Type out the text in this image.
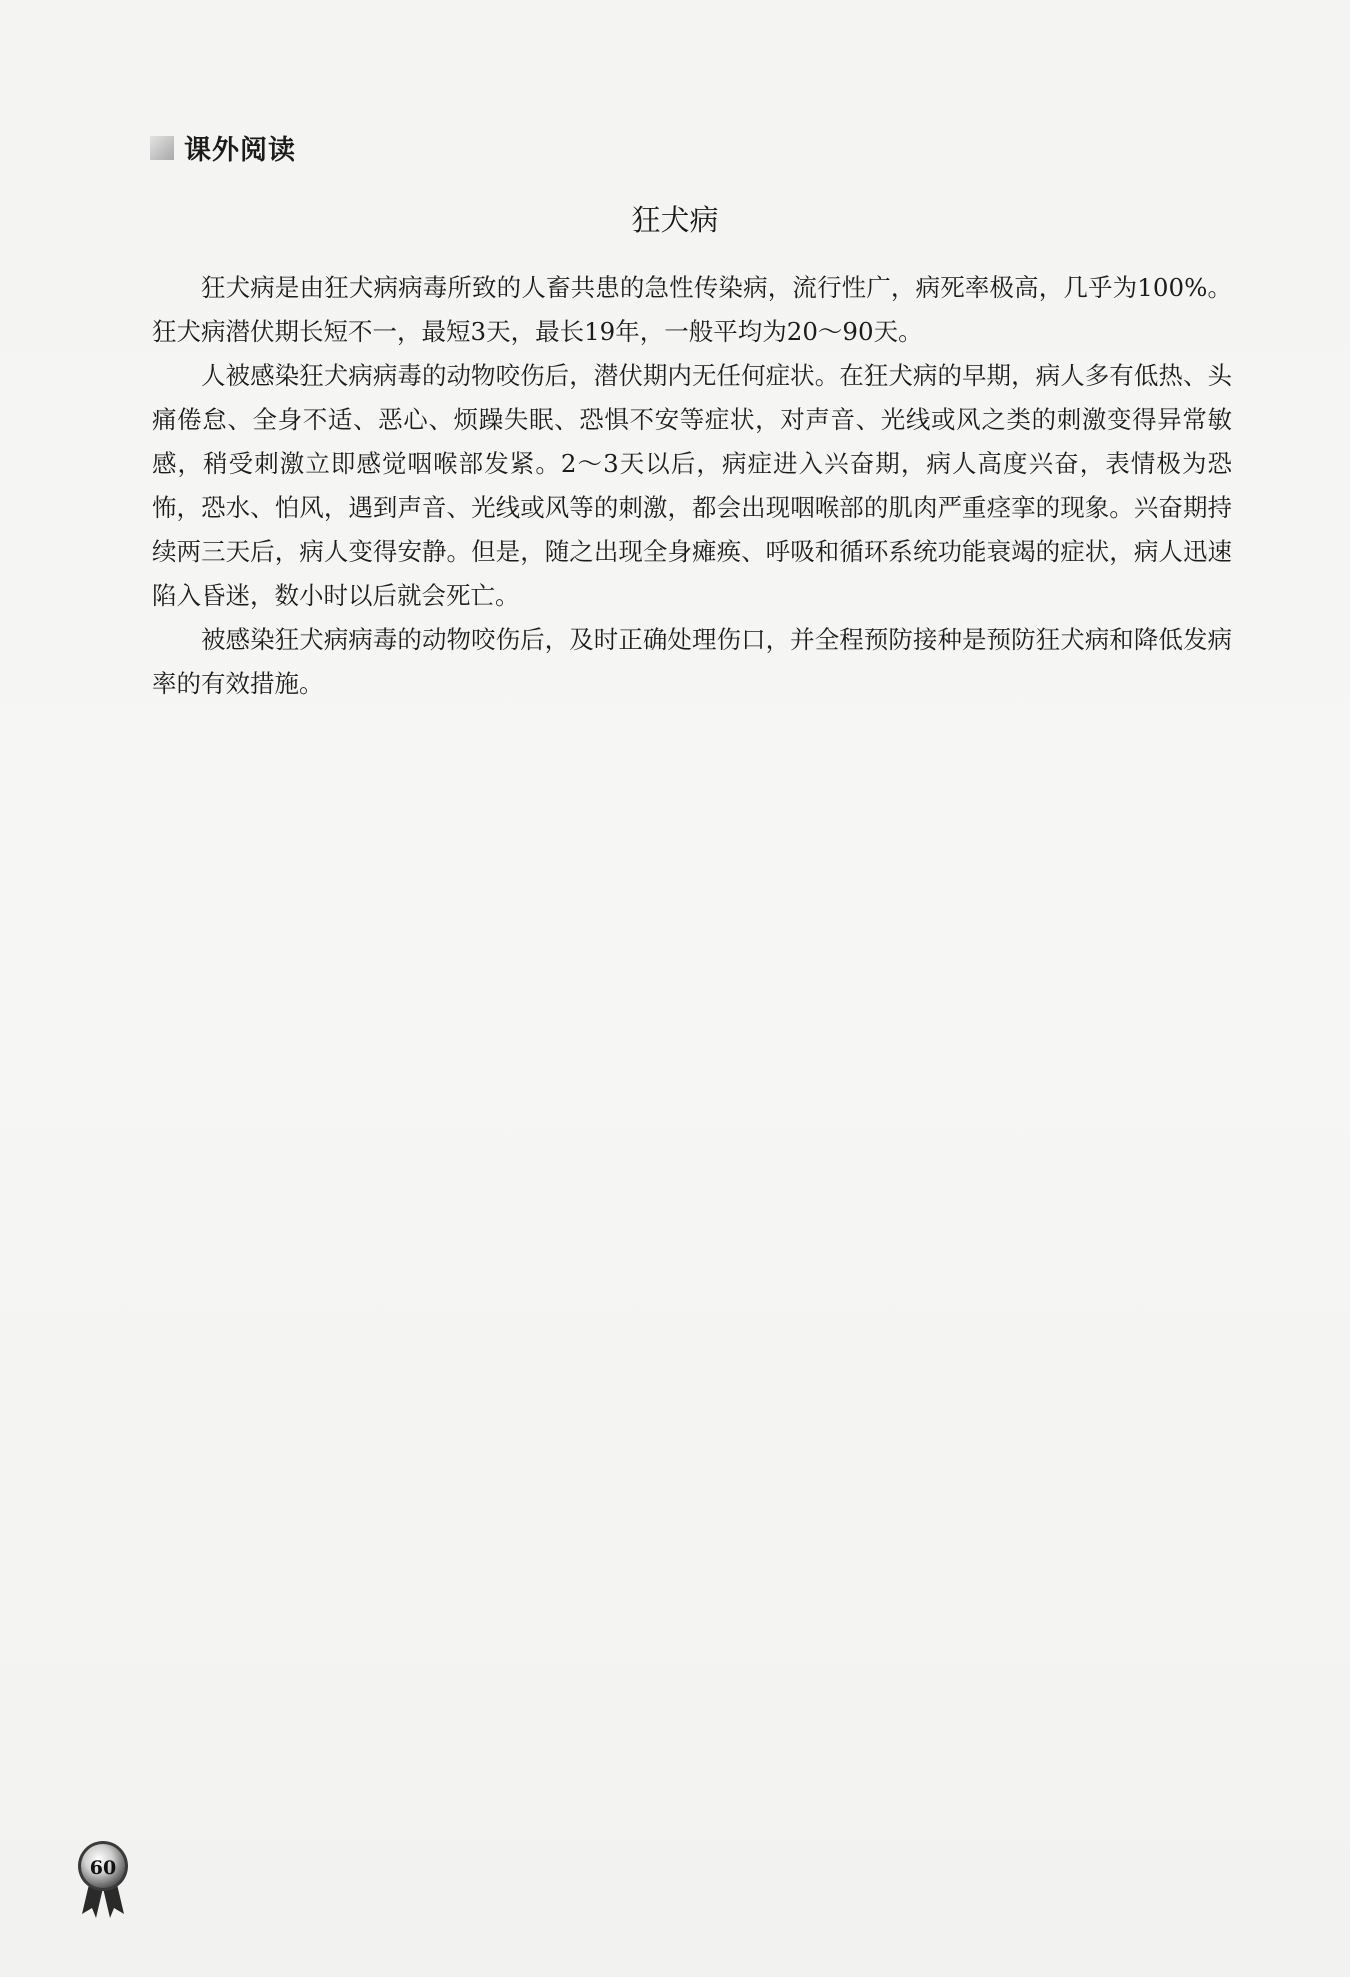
课外阅读
狂犬病

狂犬病是由狂犬病病毒所致的人畜共患的急性传染病，流行性广，病死率极高，几乎为100%。狂犬病潜伏期长短不一，最短3天，最长19年，一般平均为20～90天。

人被感染狂犬病病毒的动物咬伤后，潜伏期内无任何症状。在狂犬病的早期，病人多有低热、头痛倦怠、全身不适、恶心、烦躁失眠、恐惧不安等症状，对声音、光线或风之类的刺激变得异常敏感，稍受刺激立即感觉咽喉部发紧。2～3天以后，病症进入兴奋期，病人高度兴奋，表情极为恐怖，恐水、怕风，遇到声音、光线或风等的刺激，都会出现咽喉部的肌肉严重痉挛的现象。兴奋期持续两三天后，病人变得安静。但是，随之出现全身瘫痪、呼吸和循环系统功能衰竭的症状，病人迅速陷入昏迷，数小时以后就会死亡。

被感染狂犬病病毒的动物咬伤后，及时正确处理伤口，并全程预防接种是预防狂犬病和降低发病率的有效措施。

60
